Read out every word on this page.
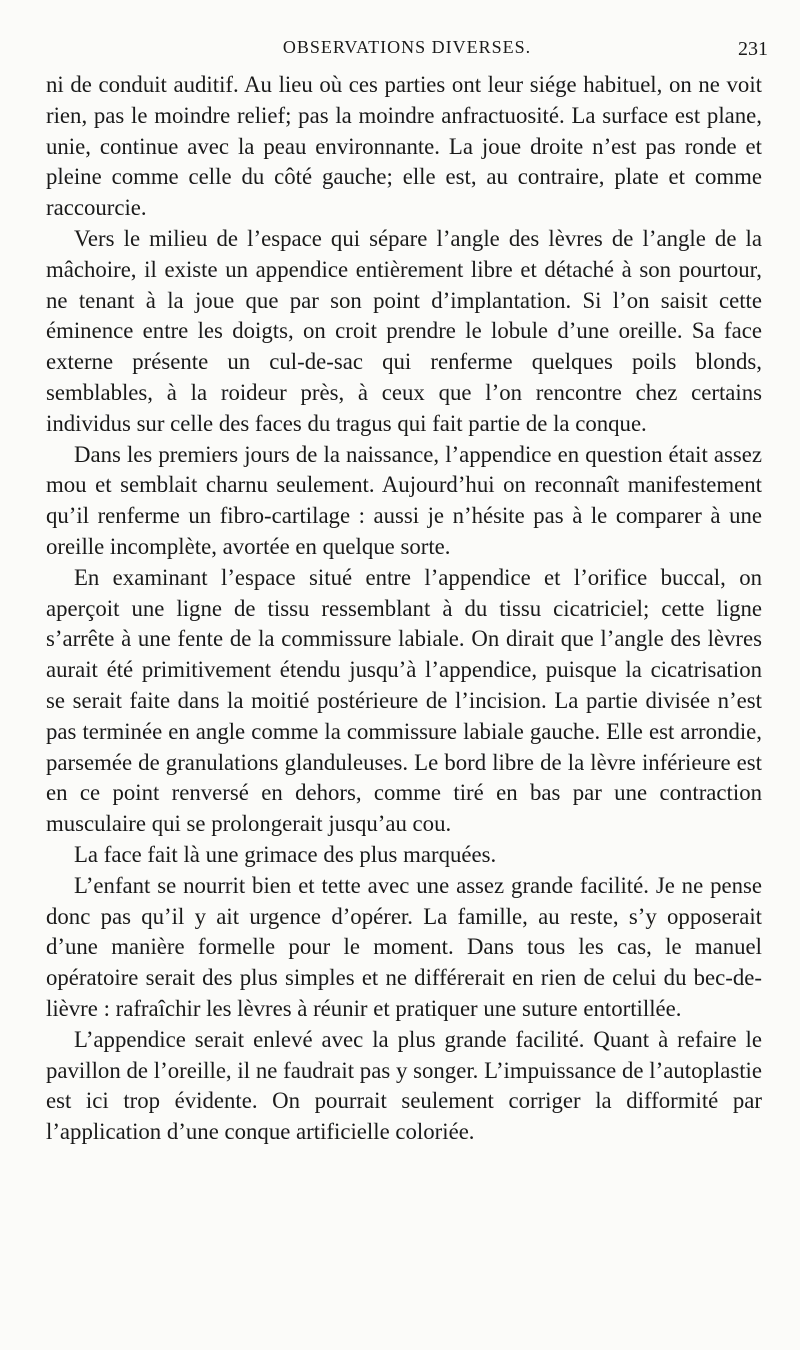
OBSERVATIONS DIVERSES.	231

ni de conduit auditif. Au lieu où ces parties ont leur siége habituel, on ne voit rien, pas le moindre relief; pas la moindre anfractuosité. La surface est plane, unie, continue avec la peau environnante. La joue droite n’est pas ronde et pleine comme celle du côté gauche; elle est, au contraire, plate et comme raccourcie.

Vers le milieu de l’espace qui sépare l’angle des lèvres de l’angle de la mâchoire, il existe un appendice entièrement libre et détaché à son pourtour, ne tenant à la joue que par son point d’implantation. Si l’on saisit cette éminence entre les doigts, on croit prendre le lobule d’une oreille. Sa face externe présente un cul-de-sac qui renferme quelques poils blonds, semblables, à la roideur près, à ceux que l’on rencontre chez certains individus sur celle des faces du tragus qui fait partie de la conque.

Dans les premiers jours de la naissance, l’appendice en question était assez mou et semblait charnu seulement. Aujourd’hui on reconnaît manifestement qu’il renferme un fibro-cartilage : aussi je n’hésite pas à le comparer à une oreille incomplète, avortée en quelque sorte.

En examinant l’espace situé entre l’appendice et l’orifice buccal, on aperçoit une ligne de tissu ressemblant à du tissu cicatriciel; cette ligne s’arrête à une fente de la commissure labiale. On dirait que l’angle des lèvres aurait été primitivement étendu jusqu’à l’appendice, puisque la cicatrisation se serait faite dans la moitié postérieure de l’incision. La partie divisée n’est pas terminée en angle comme la commissure labiale gauche. Elle est arrondie, parsemée de granulations glanduleuses. Le bord libre de la lèvre inférieure est en ce point renversé en dehors, comme tiré en bas par une contraction musculaire qui se prolongerait jusqu’au cou.

La face fait là une grimace des plus marquées.

L’enfant se nourrit bien et tette avec une assez grande facilité. Je ne pense donc pas qu’il y ait urgence d’opérer. La famille, au reste, s’y opposerait d’une manière formelle pour le moment. Dans tous les cas, le manuel opératoire serait des plus simples et ne différerait en rien de celui du bec-de-lièvre : rafraîchir les lèvres à réunir et pratiquer une suture entortillée.

L’appendice serait enlevé avec la plus grande facilité. Quant à refaire le pavillon de l’oreille, il ne faudrait pas y songer. L’impuissance de l’autoplastie est ici trop évidente. On pourrait seulement corriger la difformité par l’application d’une conque artificielle coloriée.
